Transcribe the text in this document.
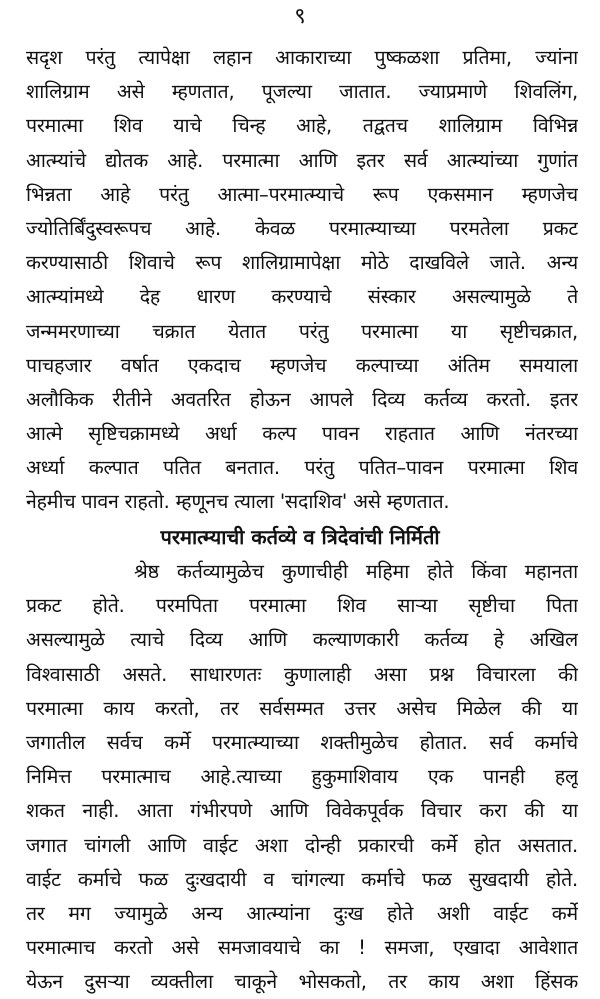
९
सदृश परंतु त्यापेक्षा लहान आकाराच्या पुष्कळशा प्रतिमा, ज्यांना
शालिग्राम असे म्हणतात, पूजल्या जातात. ज्याप्रमाणे शिवलिंग,
परमात्मा शिव याचे चिन्ह आहे, तद्वतच शालिग्राम विभिन्न
आत्म्यांचे द्योतक आहे. परमात्मा आणि इतर सर्व आत्म्यांच्या गुणांत
भिन्नता आहे परंतु आत्मा–परमात्म्याचे रूप एकसमान म्हणजेच
ज्योतिर्बिंदुस्वरूपच आहे. केवळ परमात्म्याच्या परमतेला प्रकट
करण्यासाठी शिवाचे रूप शालिग्रामापेक्षा मोठे दाखविले जाते. अन्य
आत्म्यांमध्ये देह धारण करण्याचे संस्कार असल्यामुळे ते
जन्ममरणाच्या चक्रात येतात परंतु परमात्मा या सृष्टीचक्रात,
पाचहजार वर्षात एकदाच म्हणजेच कल्पाच्या अंतिम समयाला
अलौकिक रीतीने अवतरित होऊन आपले दिव्य कर्तव्य करतो. इतर
आत्मे सृष्टिचक्रामध्ये अर्धा कल्प पावन राहतात आणि नंतरच्या
अर्ध्या कल्पात पतित बनतात. परंतु पतित–पावन परमात्मा शिव
नेहमीच पावन राहतो. म्हणूनच त्याला 'सदाशिव' असे म्हणतात.
परमात्म्याची कर्तव्ये व त्रिदेवांची निर्मिती
श्रेष्ठ कर्तव्यामुळेच कुणाचीही महिमा होते किंवा महानता
प्रकट होते. परमपिता परमात्मा शिव साऱ्या सृष्टीचा पिता
असल्यामुळे त्याचे दिव्य आणि कल्याणकारी कर्तव्य हे अखिल
विश्वासाठी असते. साधारणतः कुणालाही असा प्रश्न विचारला की
परमात्मा काय करतो, तर सर्वसम्मत उत्तर असेच मिळेल की या
जगातील सर्वच कर्मे परमात्म्याच्या शक्तीमुळेच होतात. सर्व कर्माचे
निमित्त परमात्माच आहे.त्याच्या हुकुमाशिवाय एक पानही हलू
शकत नाही. आता गंभीरपणे आणि विवेकपूर्वक विचार करा की या
जगात चांगली आणि वाईट अशा दोन्ही प्रकारची कर्मे होत असतात.
वाईट कर्माचे फळ दुःखदायी व चांगल्या कर्माचे फळ सुखदायी होते.
तर मग ज्यामुळे अन्य आत्म्यांना दुःख होते अशी वाईट कर्मे
परमात्माच करतो असे समजावयाचे का ! समजा, एखादा आवेशात
येऊन दुसऱ्या व्यक्तीला चाकूने भोसकतो, तर काय अशा हिंसक
